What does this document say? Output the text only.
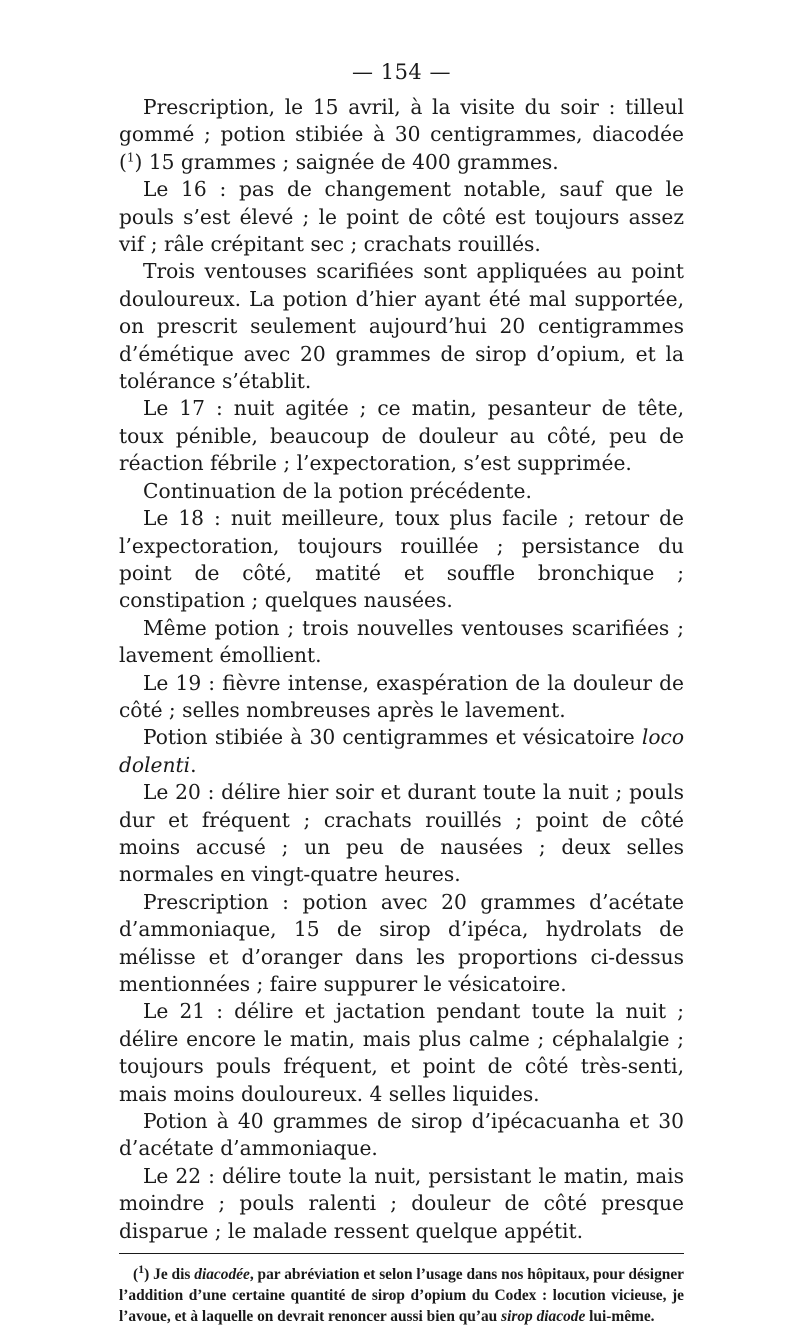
— 154 —

Prescription, le 15 avril, à la visite du soir : tilleul gommé ; potion stibiée à 30 centigrammes, diacodée ($^1$) 15 grammes ; saignée de 400 grammes.

Le 16 : pas de changement notable, sauf que le pouls s’est élevé ; le point de côté est toujours assez vif ; râle crépitant sec ; crachats rouillés.

Trois ventouses scarifiées sont appliquées au point douloureux. La potion d’hier ayant été mal supportée, on prescrit seulement aujourd’hui 20 centigrammes d’émétique avec 20 grammes de sirop d’opium, et la tolérance s’établit.

Le 17 : nuit agitée ; ce matin, pesanteur de tête, toux pénible, beaucoup de douleur au côté, peu de réaction fébrile ; l’expectoration, s’est supprimée.

Continuation de la potion précédente.

Le 18 : nuit meilleure, toux plus facile ; retour de l’expectoration, toujours rouillée ; persistance du point de côté, matité et souffle bronchique ; constipation ; quelques nausées.

Même potion ; trois nouvelles ventouses scarifiées ; lavement émollient.

Le 19 : fièvre intense, exaspération de la douleur de côté ; selles nombreuses après le lavement.

Potion stibiée à 30 centigrammes et vésicatoire loco dolenti.

Le 20 : délire hier soir et durant toute la nuit ; pouls dur et fréquent ; crachats rouillés ; point de côté moins accusé ; un peu de nausées ; deux selles normales en vingt-quatre heures.

Prescription : potion avec 20 grammes d’acétate d’ammoniaque, 15 de sirop d’ipéca, hydrolats de mélisse et d’oranger dans les proportions ci-dessus mentionnées ; faire suppurer le vésicatoire.

Le 21 : délire et jactation pendant toute la nuit ; délire encore le matin, mais plus calme ; céphalalgie ; toujours pouls fréquent, et point de côté très-senti, mais moins douloureux. 4 selles liquides.

Potion à 40 grammes de sirop d’ipécacuanha et 30 d’acétate d’ammoniaque.

Le 22 : délire toute la nuit, persistant le matin, mais moindre ; pouls ralenti ; douleur de côté presque disparue ; le malade ressent quelque appétit.

($^1$) Je dis diacodée, par abréviation et selon l’usage dans nos hôpitaux, pour désigner l’addition d’une certaine quantité de sirop d’opium du Codex : locution vicieuse, je l’avoue, et à laquelle on devrait renoncer aussi bien qu’au sirop diacode lui-même.
